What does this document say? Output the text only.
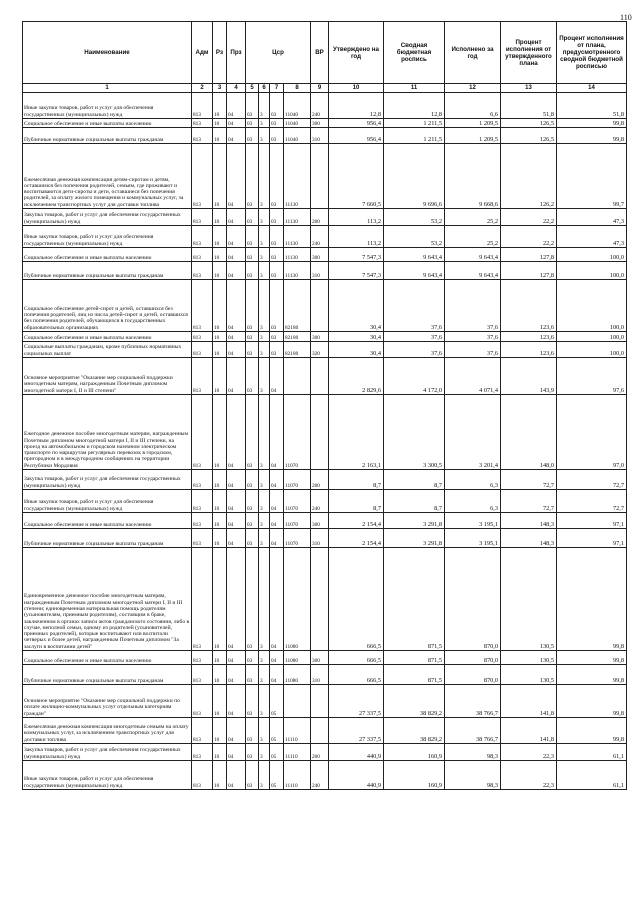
110
Наименование	Адм	Рз	Прз	Цср				ВР	Утверждено на год	Сводная бюджетная роспись	Исполнено за год	Процент исполнения от утвержденного плана	Процент исполнения от плана, предусмотренного сводной бюджетной росписью
1	2	3	4	5	6	7	8	9	10	11	12	13	14
Иные закупки товаров, работ и услуг для обеспечения государственных (муниципальных) нужд	813	10	04	03	3	03	11040	240	12,8	12,8	6,6	51,8	51,8
Социальное обеспечение и иные выплаты населению	813	10	04	03	3	03	11040	300	956,4	1 211,5	1 209,5	126,5	99,8
Публичные нормативные социальные выплаты гражданам	813	10	04	03	3	03	11040	310	956,4	1 211,5	1 209,5	126,5	99,8
Ежемесячная денежная компенсация детям-сиротам и детям, оставшимся без попечения родителей, семьям, где проживают и воспитываются дети-сироты и дети, оставшиеся без попечения родителей, за оплату жилого помещения и коммунальных услуг, за исключением транспортных услуг для доставки топлива	813	10	04	03	3	03	11130		7 660,5	9 696,6	9 668,6	126,2	99,7
Закупка товаров, работ и услуг для обеспечения государственных (муниципальных) нужд	813	10	04	03	3	03	11130	200	113,2	53,2	25,2	22,2	47,3
Иные закупки товаров, работ и услуг для обеспечения государственных (муниципальных) нужд	813	10	04	03	3	03	11130	240	113,2	53,2	25,2	22,2	47,3
Социальное обеспечение и иные выплаты населению	813	10	04	03	3	03	11130	300	7 547,3	9 643,4	9 643,4	127,8	100,0
Публичные нормативные социальные выплаты гражданам	813	10	04	03	3	03	11130	310	7 547,3	9 643,4	9 643,4	127,8	100,0
Социальное обеспечение детей-сирот и детей, оставшихся без попечения родителей, лиц из числа детей-сирот и детей, оставшихся без попечения родителей, обучающихся в государственных образовательных организациях	813	10	04	03	3	03	82180		30,4	37,6	37,6	123,6	100,0
Социальное обеспечение и иные выплаты населению	813	10	04	03	3	03	82180	300	30,4	37,6	37,6	123,6	100,0
Социальные выплаты гражданам, кроме публичных нормативных социальных выплат	813	10	04	03	3	03	82180	320	30,4	37,6	37,6	123,6	100,0
Основное мероприятие "Оказание мер социальной поддержки многодетным матерям, награжденным Почетным дипломом многодетной матери I, II и III степени"	813	10	04	03	3	04			2 829,6	4 172,0	4 071,4	143,9	97,6
Ежегодное денежное пособие многодетным матерям, награжденным Почетным дипломом многодетной матери I, II и III степени, на проезд на автомобильном и городском наземном электрическом транспорте по маршрутам регулярных перевозок в городском, пригородном и в междугородном сообщениях на территории Республики Мордовия	813	10	04	03	3	04	11070		2 163,1	3 300,5	3 201,4	148,0	97,0
Закупка товаров, работ и услуг для обеспечения государственных (муниципальных) нужд	813	10	04	03	3	04	11070	200	8,7	8,7	6,3	72,7	72,7
Иные закупки товаров, работ и услуг для обеспечения государственных (муниципальных) нужд	813	10	04	03	3	04	11070	240	8,7	8,7	6,3	72,7	72,7
Социальное обеспечение и иные выплаты населению	813	10	04	03	3	04	11070	300	2 154,4	3 291,8	3 195,1	148,3	97,1
Публичные нормативные социальные выплаты гражданам	813	10	04	03	3	04	11070	310	2 154,4	3 291,8	3 195,1	148,3	97,1
Единовременное денежное пособие многодетным матерям, награжденным Почетным дипломом многодетной матери I, II и III степени; единовременная материальная помощь родителям (усыновителям, приемным родителям), состоящим в браке, заключенном в органах записи актов гражданского состояния, либо в случае, неполной семьи, одному из родителей (усыновителей, приемных родителей), которые воспитывают или воспитали четверых и более детей, награжденным Почетным дипломом "За заслуги в воспитании детей"	813	10	04	03	3	04	11080		666,5	871,5	870,0	130,5	99,8
Социальное обеспечение и иные выплаты населению	813	10	04	03	3	04	11080	300	666,5	871,5	870,0	130,5	99,8
Публичные нормативные социальные выплаты гражданам	813	10	04	03	3	04	11080	310	666,5	871,5	870,0	130,5	99,8
Основное мероприятие "Оказание мер социальной поддержки по оплате жилищно-коммунальных услуг отдельным категориям граждан"	813	10	04	03	3	05			27 337,5	38 829,2	38 766,7	141,8	99,8
Ежемесячная денежная компенсация многодетным семьям на оплату коммунальных услуг, за исключением транспортных услуг для доставки топлива	813	10	04	03	3	05	11110		27 337,5	38 829,2	38 766,7	141,8	99,8
Закупка товаров, работ и услуг для обеспечения государственных (муниципальных) нужд	813	10	04	03	3	05	11110	200	440,9	160,9	98,3	22,3	61,1
Иные закупки товаров, работ и услуг для обеспечения государственных (муниципальных) нужд	813	10	04	03	3	05	11110	240	440,9	160,9	98,3	22,3	61,1
